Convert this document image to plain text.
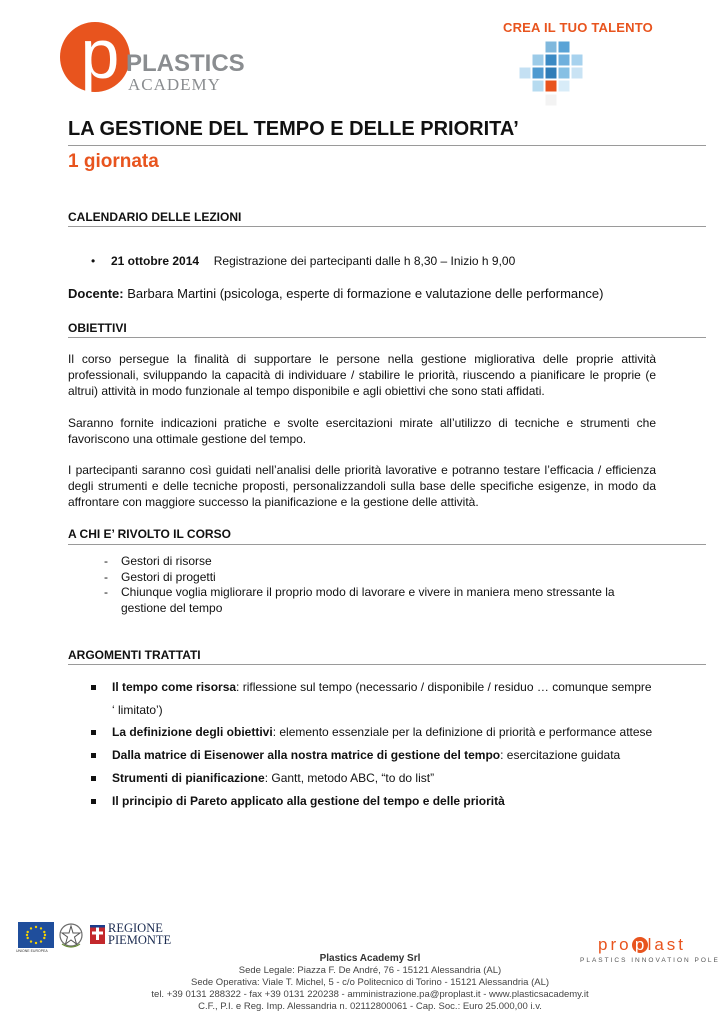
p PLASTICS
ACADEMY
CREA IL TUO TALENTO
LA GESTIONE DEL TEMPO E DELLE PRIORITA’
1 giornata
CALENDARIO DELLE LEZIONI
• 21 ottobre 2014 Registrazione dei partecipanti dalle h 8,30 – Inizio h 9,00
Docente: Barbara Martini (psicologa, esperte di formazione e valutazione delle performance)
OBIETTIVI
Il corso persegue la finalità di supportare le persone nella gestione migliorativa delle proprie attività professionali, sviluppando la capacità di individuare / stabilire le priorità, riuscendo a pianificare le proprie (e altrui) attività in modo funzionale al tempo disponibile e agli obiettivi che sono stati affidati.
Saranno fornite indicazioni pratiche e svolte esercitazioni mirate all’utilizzo di tecniche e strumenti che favoriscono una ottimale gestione del tempo.
I partecipanti saranno così guidati nell’analisi delle priorità lavorative e potranno testare l’efficacia / efficienza degli strumenti e delle tecniche proposti, personalizzandoli sulla base delle specifiche esigenze, in modo da affrontare con maggiore successo la pianificazione e la gestione delle attività.
A CHI E’ RIVOLTO IL CORSO
- Gestori di risorse
- Gestori di progetti
- Chiunque voglia migliorare il proprio modo di lavorare e vivere in maniera meno stressante la gestione del tempo
ARGOMENTI TRATTATI
Il tempo come risorsa: riflessione sul tempo (necessario / disponibile / residuo … comunque sempre ‘ limitato’)
La definizione degli obiettivi: elemento essenziale per la definizione di priorità e performance attese
Dalla matrice di Eisenower alla nostra matrice di gestione del tempo: esercitazione guidata
Strumenti di pianificazione: Gantt, metodo ABC, “to do list”
Il principio di Pareto applicato alla gestione del tempo e delle priorità
UNIONE EUROPEA
REGIONE
PIEMONTE
Plastics Academy Srl
Sede Legale: Piazza F. De André, 76 - 15121 Alessandria (AL)
Sede Operativa: Viale T. Michel, 5 - c/o Politecnico di Torino - 15121 Alessandria (AL)
tel. +39 0131 288322 - fax +39 0131 220238 - amministrazione.pa@proplast.it - www.plasticsacademy.it
C.F., P.I. e Reg. Imp. Alessandria n. 02112800061 - Cap. Soc.: Euro 25.000,00 i.v.
pro p last
PLASTICS INNOVATION POLE
